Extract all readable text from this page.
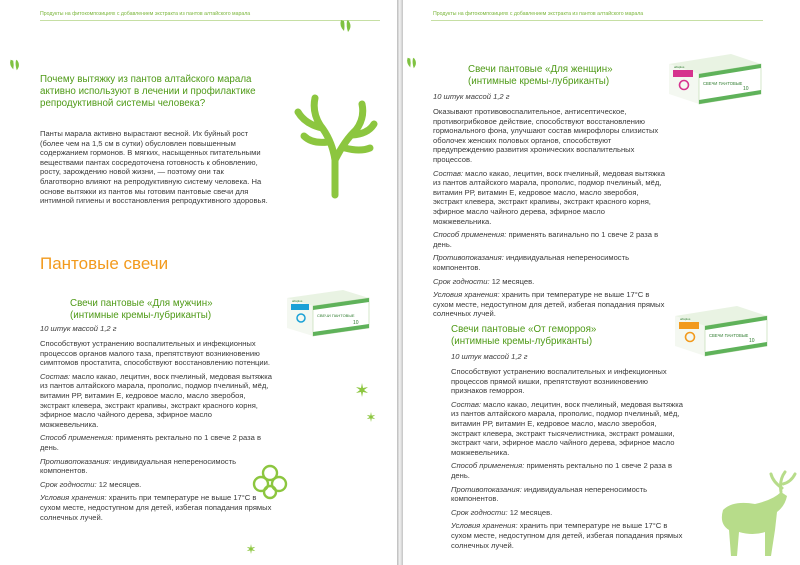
Продукты на фитокомпозициях с добавлением экстракта из пантов алтайского марала
Почему вытяжку из пантов алтайского марала активно используют в лечении и профилактике репродуктивной системы человека?
Панты марала активно вырастают весной. Их буйный рост (более чем на 1,5 см в сутки) обусловлен повышенным содержанием гормонов. В мягких, насыщенных питательными веществами пантах сосредоточена готовность к обновлению, росту, зарождению новой жизни, — поэтому они так благотворно влияют на репродуктивную систему человека. На основе вытяжки из пантов мы готовим пантовые свечи для интимной гигиены и восстановления репродуктивного здоровья.
Пантовые свечи
Свечи пантовые «Для мужчин»
(интимные кремы-лубриканты)	СВЕЧИ ПАНТОВЫЕ
10
alfaplus
10 штук массой 1,2 г
Способствуют устранению воспалительных и инфекционных процессов органов малого таза, препятствуют возникновению симптомов простатита, способствуют восстановлению потенции.
Состав: масло какао, лецитин, воск пчелиный, медовая вытяжка из пантов алтайского марала, прополис, подмор пчелиный, мёд, витамин РР, витамин Е, кедровое масло, масло зверобоя, экстракт клевера, экстракт крапивы, экстракт красного корня, эфирное масло чайного дерева, эфирное масло можжевельника.
Способ применения: применять ректально по 1 свече 2 раза в день.
Противопоказания: индивидуальная непереносимость компонентов.
Срок годности: 12 месяцев.
Условия хранения: хранить при температуре не выше 17°С в сухом месте, недоступном для детей, избегая попадания прямых солнечных лучей.
Продукты на фитокомпозициях с добавлением экстракта из пантов алтайского марала
Свечи пантовые «Для женщин»
(интимные кремы-лубриканты)	СВЕЧИ ПАНТОВЫЕ
10
alfaplus
10 штук массой 1,2 г
Оказывают противовоспалительное, антисептическое, противогрибковое действие, способствуют восстановлению гормонального фона, улучшают состав микрофлоры слизистых оболочек женских половых органов, способствуют предупреждению развития хронических воспалительных процессов.
Состав: масло какао, лецитин, воск пчелиный, медовая вытяжка из пантов алтайского марала, прополис, подмор пчелиный, мёд, витамин РР, витамин Е, кедровое масло, масло зверобоя, экстракт клевера, экстракт крапивы, экстракт красного корня, эфирное масло чайного дерева, эфирное масло можжевельника.
Способ применения: применять вагинально по 1 свече 2 раза в день.
Противопоказания: индивидуальная непереносимость компонентов.
Срок годности: 12 месяцев.
Условия хранения: хранить при температуре не выше 17°С в сухом месте, недоступном для детей, избегая попадания прямых солнечных лучей.
Свечи пантовые «От геморроя»
(интимные кремы-лубриканты)
СВЕЧИ ПАНТОВЫЕ
10
alfaplus
10 штук массой 1,2 г
Способствуют устранению воспалительных и инфекционных процессов прямой кишки, препятствуют возникновению признаков геморроя.
Состав: масло какао, лецитин, воск пчелиный, медовая вытяжка из пантов алтайского марала, прополис, подмор пчелиный, мёд, витамин РР, витамин Е, кедровое масло, масло зверобоя, экстракт клевера, экстракт тысячелистника, экстракт ромашки, экстракт чаги, эфирное масло чайного дерева, эфирное масло можжевельника.
Способ применения: применять ректально по 1 свече 2 раза в день.
Противопоказания: индивидуальная непереносимость компонентов.
Срок годности: 12 месяцев.
Условия хранения: хранить при температуре не выше 17°С в сухом месте, недоступном для детей, избегая попадания прямых солнечных лучей.
